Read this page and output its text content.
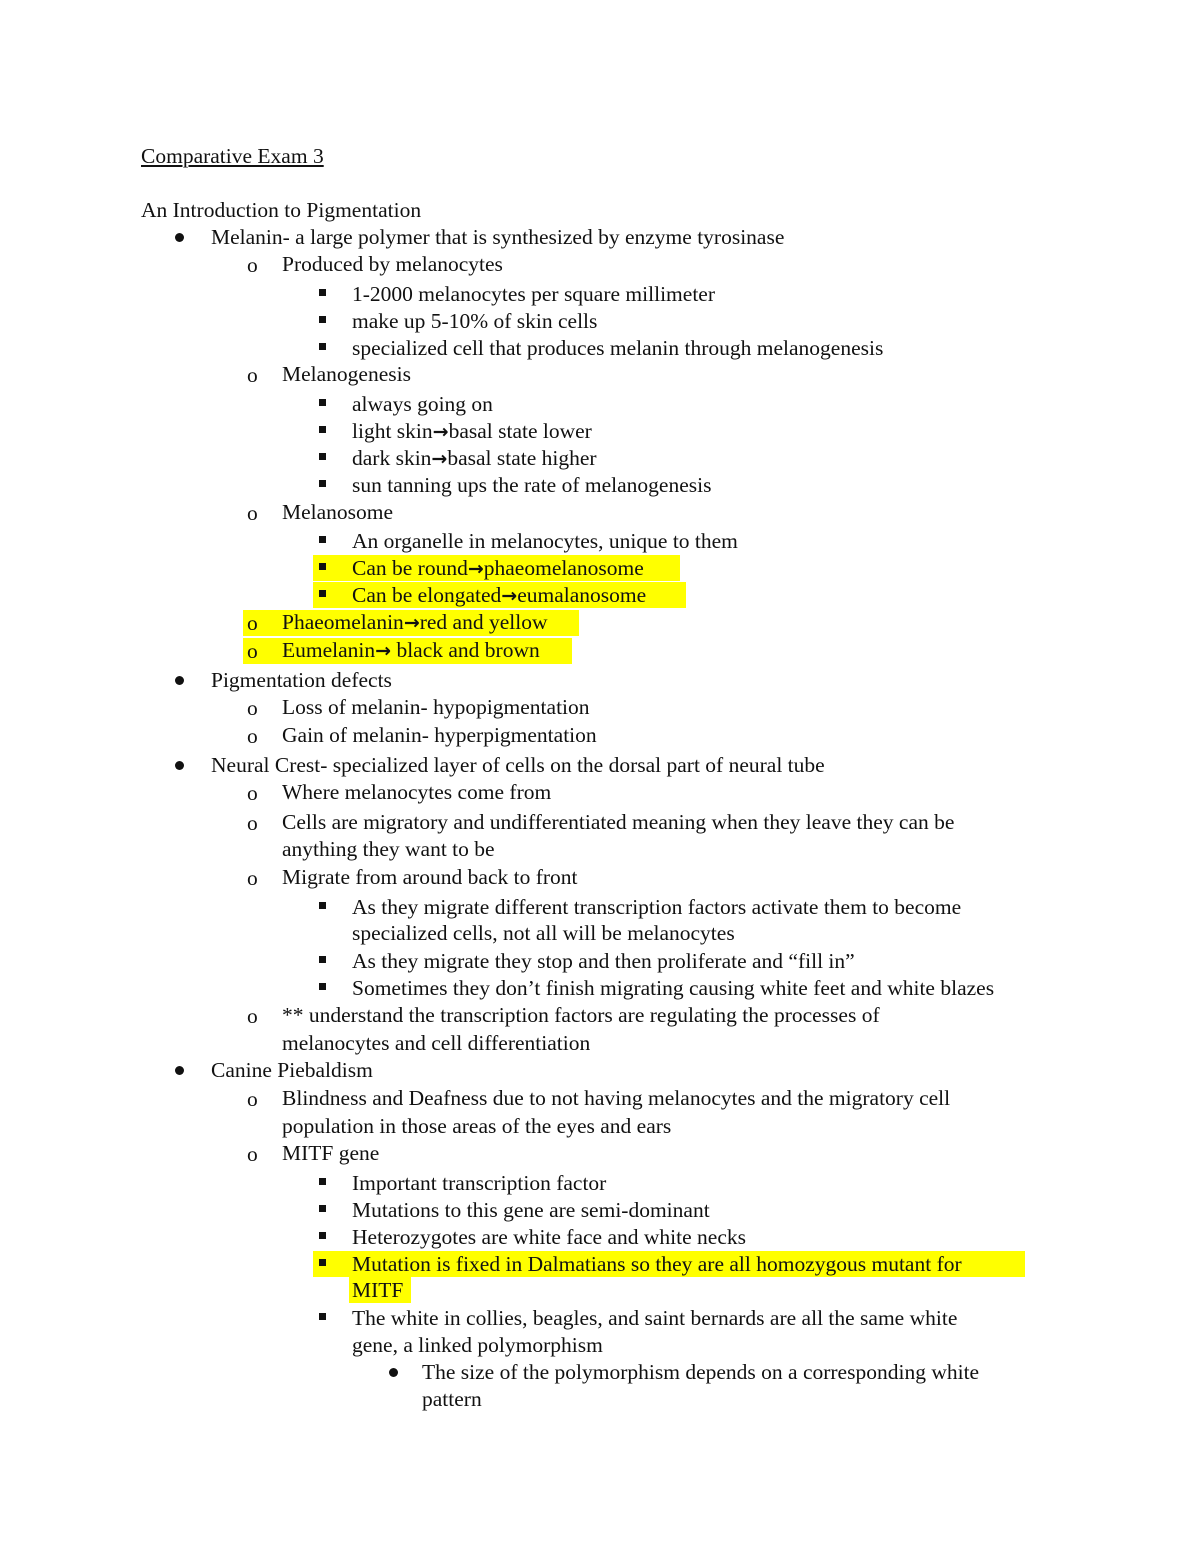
Comparative Exam 3
An Introduction to Pigmentation
Melanin- a large polymer that is synthesized by enzyme tyrosinase
o Produced by melanocytes
1-2000 melanocytes per square millimeter
make up 5-10% of skin cells
specialized cell that produces melanin through melanogenesis
o Melanogenesis
always going on
light skin→basal state lower
dark skin→basal state higher
sun tanning ups the rate of melanogenesis
o Melanosome
An organelle in melanocytes, unique to them
Can be round→phaeomelanosome
Can be elongated→eumalanosome
o Phaeomelanin→red and yellow
o Eumelanin→ black and brown
Pigmentation defects
o Loss of melanin- hypopigmentation
o Gain of melanin- hyperpigmentation
Neural Crest- specialized layer of cells on the dorsal part of neural tube
o Where melanocytes come from
o Cells are migratory and undifferentiated meaning when they leave they can be
anything they want to be
o Migrate from around back to front
As they migrate different transcription factors activate them to become
specialized cells, not all will be melanocytes
As they migrate they stop and then proliferate and “fill in”
Sometimes they don’t finish migrating causing white feet and white blazes
o ** understand the transcription factors are regulating the processes of
melanocytes and cell differentiation
Canine Piebaldism
o Blindness and Deafness due to not having melanocytes and the migratory cell
population in those areas of the eyes and ears
o MITF gene
Important transcription factor
Mutations to this gene are semi-dominant
Heterozygotes are white face and white necks
Mutation is fixed in Dalmatians so they are all homozygous mutant for
MITF
The white in collies, beagles, and saint bernards are all the same white
gene, a linked polymorphism
The size of the polymorphism depends on a corresponding white
pattern
